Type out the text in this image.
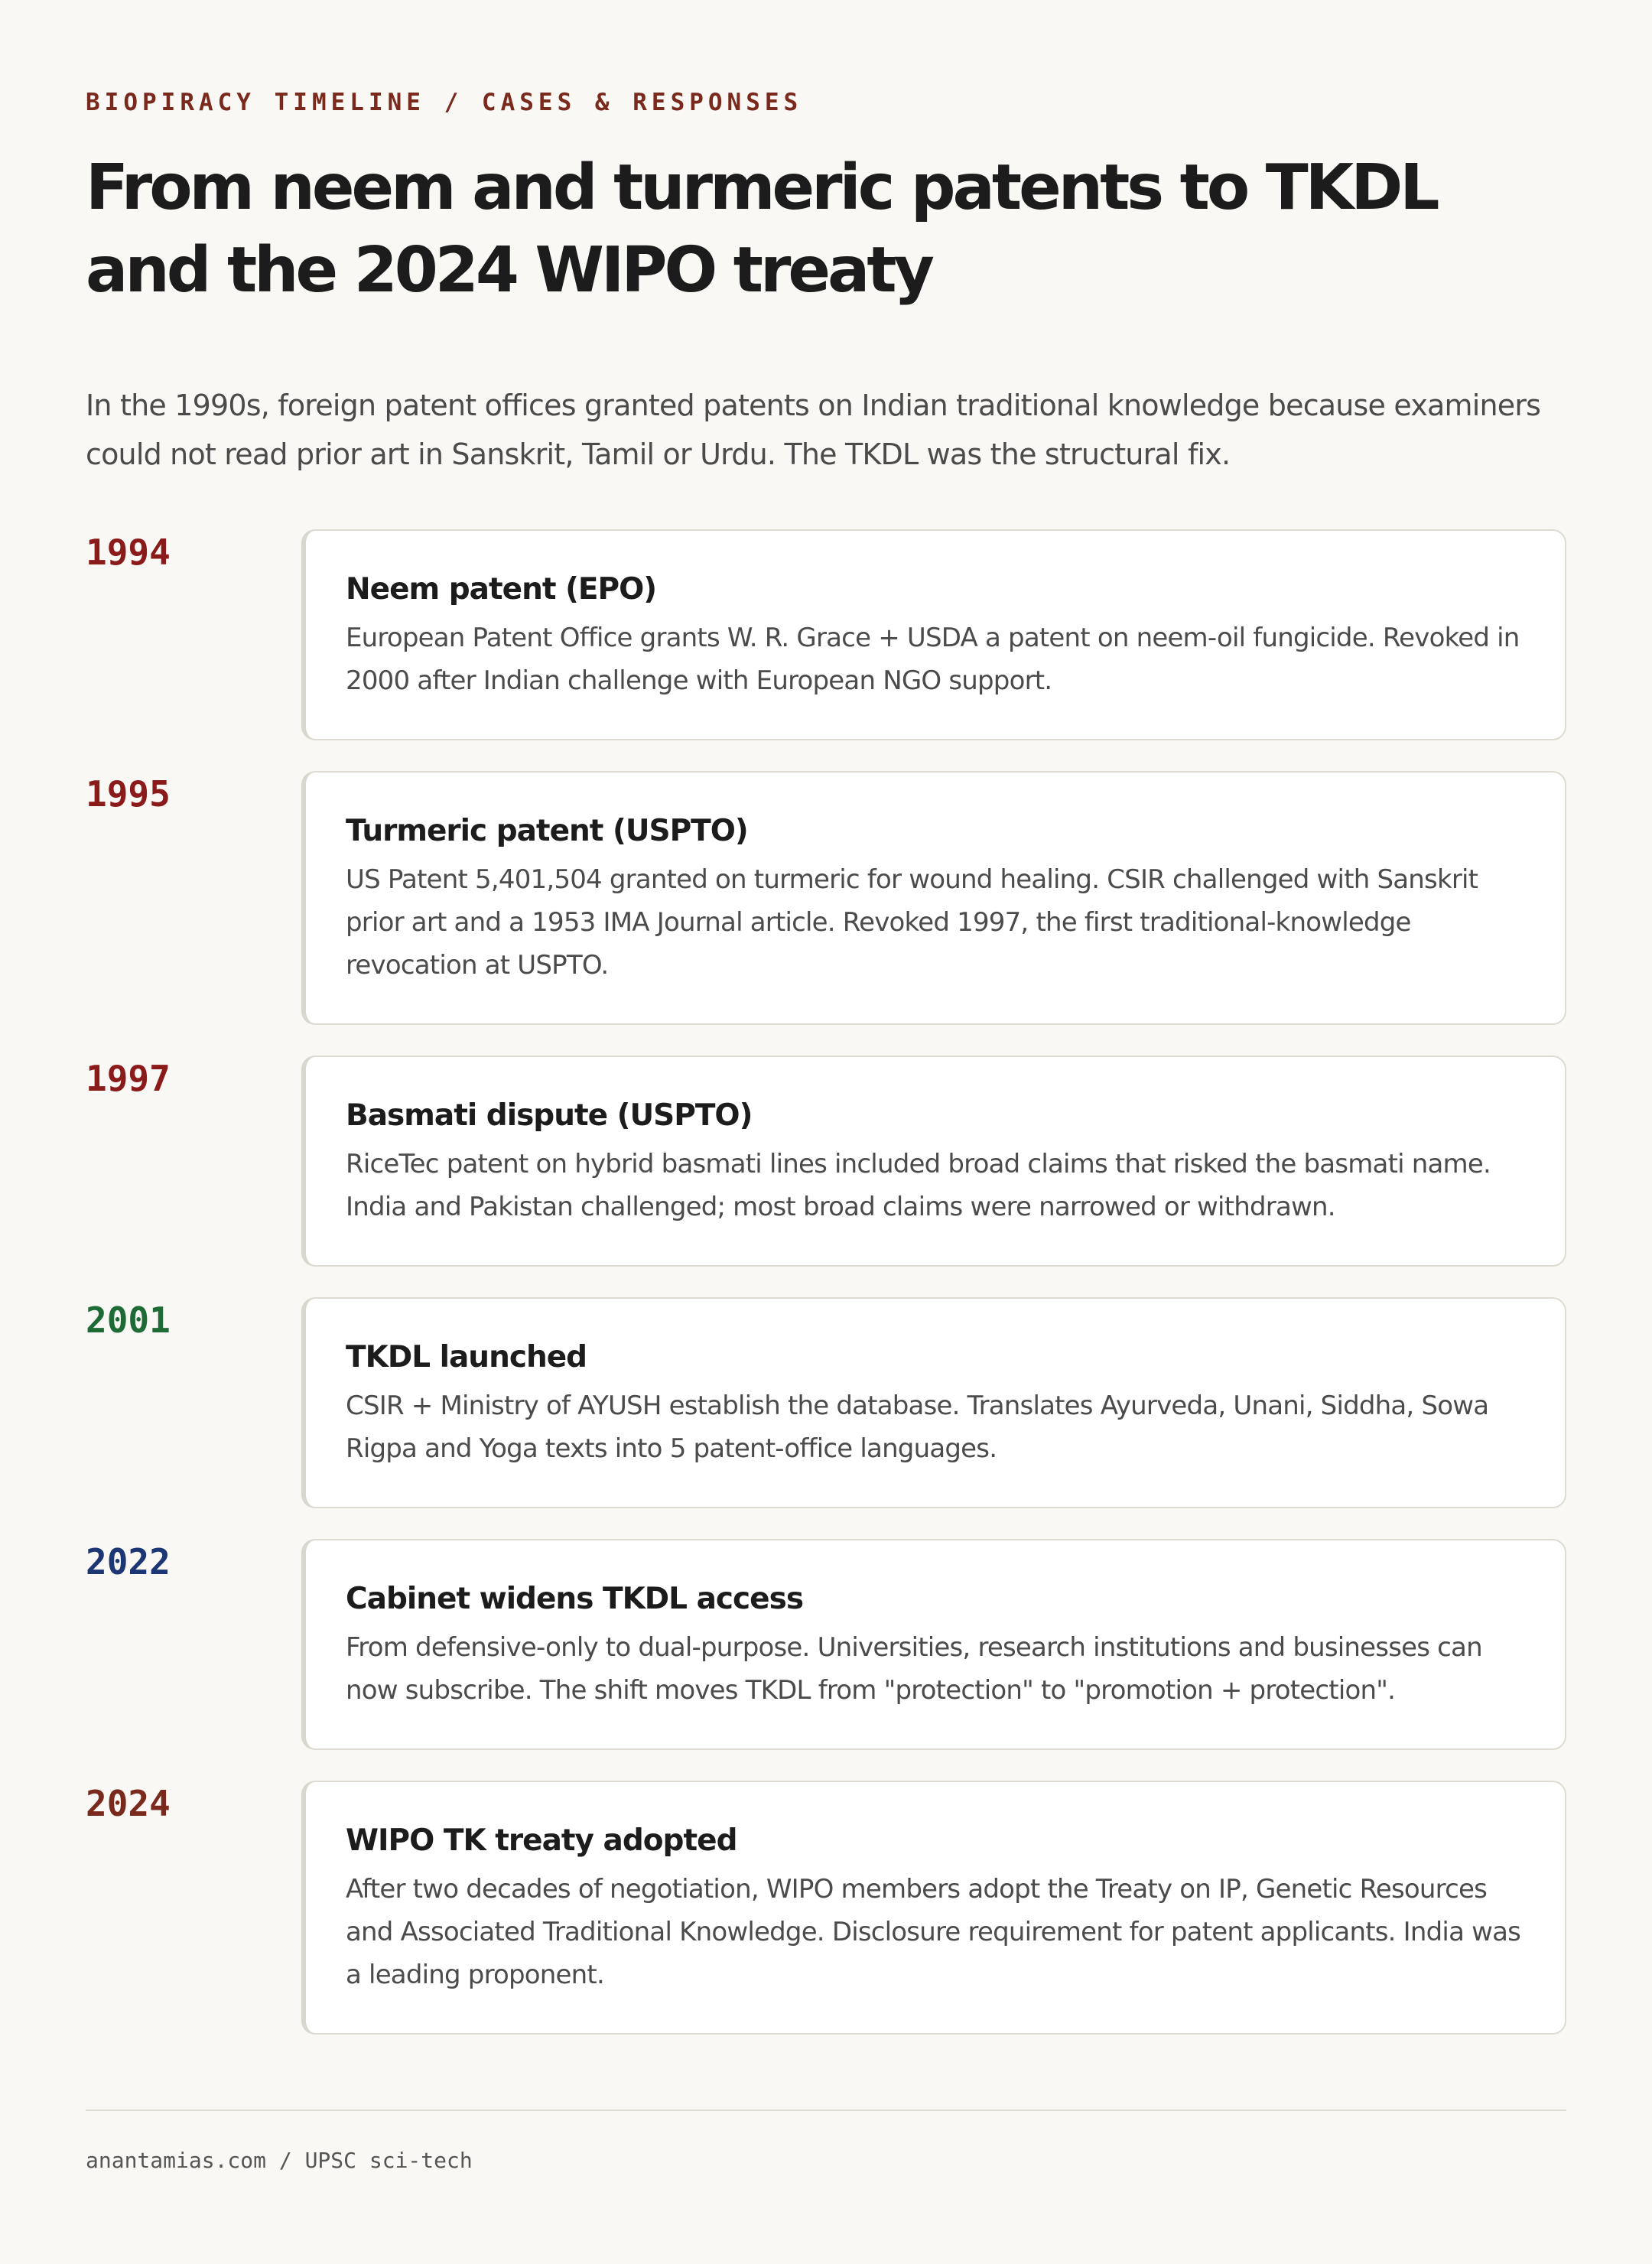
BIOPIRACY TIMELINE / CASES & RESPONSES
From neem and turmeric patents to TKDL and the 2024 WIPO treaty

In the 1990s, foreign patent offices granted patents on Indian traditional knowledge because examiners could not read prior art in Sanskrit, Tamil or Urdu. The TKDL was the structural fix.

1994
Neem patent (EPO)
European Patent Office grants W. R. Grace + USDA a patent on neem-oil fungicide. Revoked in 2000 after Indian challenge with European NGO support.
1995
Turmeric patent (USPTO)
US Patent 5,401,504 granted on turmeric for wound healing. CSIR challenged with Sanskrit prior art and a 1953 IMA Journal article. Revoked 1997, the first traditional-knowledge revocation at USPTO.
1997
Basmati dispute (USPTO)
RiceTec patent on hybrid basmati lines included broad claims that risked the basmati name. India and Pakistan challenged; most broad claims were narrowed or withdrawn.
2001
TKDL launched
CSIR + Ministry of AYUSH establish the database. Translates Ayurveda, Unani, Siddha, Sowa Rigpa and Yoga texts into 5 patent-office languages.
2022
Cabinet widens TKDL access
From defensive-only to dual-purpose. Universities, research institutions and businesses can now subscribe. The shift moves TKDL from "protection" to "promotion + protection".
2024
WIPO TK treaty adopted
After two decades of negotiation, WIPO members adopt the Treaty on IP, Genetic Resources and Associated Traditional Knowledge. Disclosure requirement for patent applicants. India was a leading proponent.
anantamias.com / UPSC sci-tech
